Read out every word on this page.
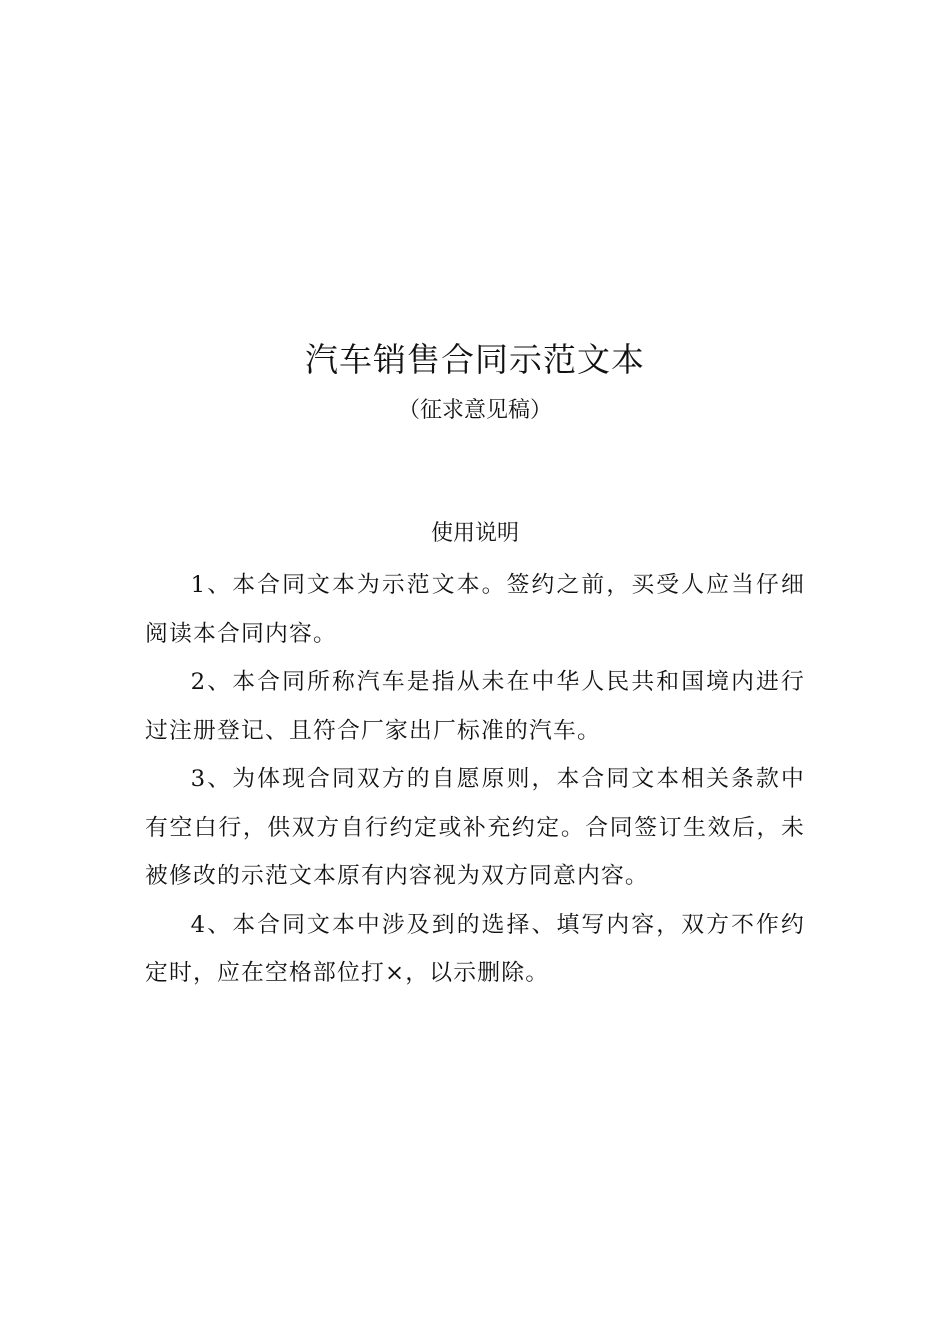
汽车销售合同示范文本
（征求意见稿）
使用说明

1、本合同文本为示范文本。签约之前，买受人应当仔细阅读本合同内容。

2、本合同所称汽车是指从未在中华人民共和国境内进行过注册登记、且符合厂家出厂标准的汽车。

3、为体现合同双方的自愿原则，本合同文本相关条款中有空白行，供双方自行约定或补充约定。合同签订生效后，未被修改的示范文本原有内容视为双方同意内容。

4、本合同文本中涉及到的选择、填写内容，双方不作约定时，应在空格部位打×，以示删除。
